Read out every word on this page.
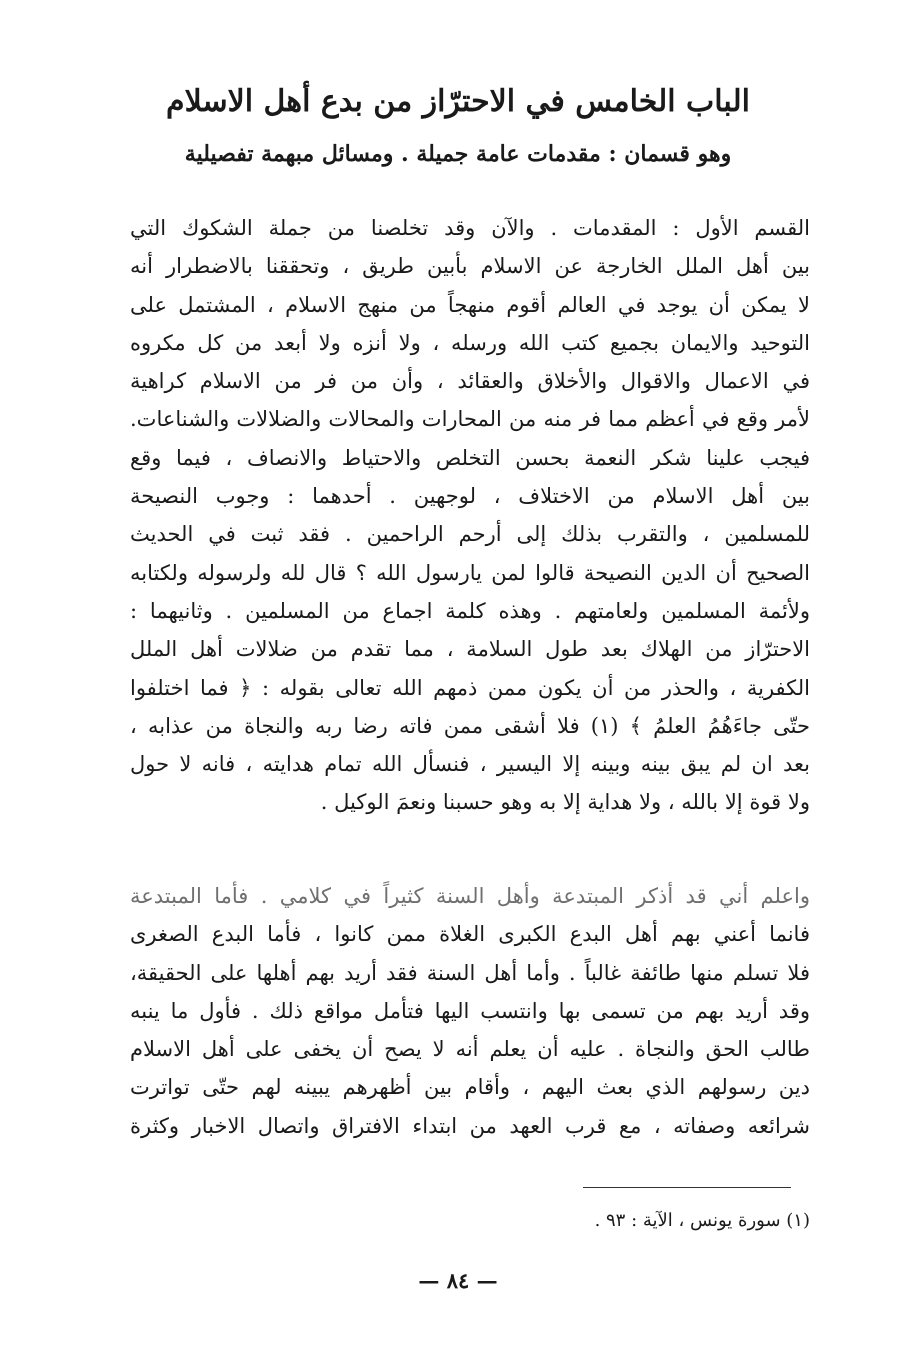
الباب الخامس في الاحترّاز من بدع أهل الاسلام
وهو قسمان : مقدمات عامة جميلة . ومسائل مبهمة تفصيلية
القسم الأول : المقدمات . والآن وقد تخلصنا من جملة الشكوك التي
بين أهل الملل الخارجة عن الاسلام بأبين طريق ، وتحققنا بالاضطرار أنه
لا يمكن أن يوجد في العالم أقوم منهجاً من منهج الاسلام ، المشتمل على
التوحيد والايمان بجميع كتب الله ورسله ، ولا أنزه ولا أبعد من كل مكروه
في الاعمال والاقوال والأخلاق والعقائد ، وأن من فر من الاسلام كراهية
لأمر وقع في أعظم مما فر منه من المحارات والمحالات والضلالات والشناعات.
فيجب علينا شكر النعمة بحسن التخلص والاحتياط والانصاف ، فيما وقع
بين أهل الاسلام من الاختلاف ، لوجهين . أحدهما : وجوب النصيحة
للمسلمين ، والتقرب بذلك إلى أرحم الراحمين . فقد ثبت في الحديث
الصحيح أن الدين النصيحة قالوا لمن يارسول الله ؟ قال لله ولرسوله ولكتابه
ولأئمة المسلمين ولعامتهم . وهذه كلمة اجماع من المسلمين . وثانيهما :
الاحترّاز من الهلاك بعد طول السلامة ، مما تقدم من ضلالات أهل الملل
الكفرية ، والحذر من أن يكون ممن ذمهم الله تعالى بقوله : ﴿ فما اختلفوا
حتّى جاءَهُمُ العلمُ ﴾ (١) فلا أشقى ممن فاته رضا ربه والنجاة من عذابه ،
بعد ان لم يبق بينه وبينه إلا اليسير ، فنسأل الله تمام هدايته ، فانه لا حول
ولا قوة إلا بالله ، ولا هداية إلا به وهو حسبنا ونعمَ الوكيل .
واعلم أني قد أذكر المبتدعة وأهل السنة كثيراً في كلامي . فأما المبتدعة
فانما أعني بهم أهل البدع الكبرى الغلاة ممن كانوا ، فأما البدع الصغرى
فلا تسلم منها طائفة غالباً . وأما أهل السنة فقد أريد بهم أهلها على الحقيقة،
وقد أريد بهم من تسمى بها وانتسب اليها فتأمل مواقع ذلك . فأول ما ينبه
طالب الحق والنجاة . عليه أن يعلم أنه لا يصح أن يخفى على أهل الاسلام
دين رسولهم الذي بعث اليهم ، وأقام بين أظهرهم يبينه لهم حتّى تواترت
شرائعه وصفاته ، مع قرب العهد من ابتداء الافتراق واتصال الاخبار وكثرة
(١) سورة يونس ، الآية : ٩٣ .
— ٨٤ —
